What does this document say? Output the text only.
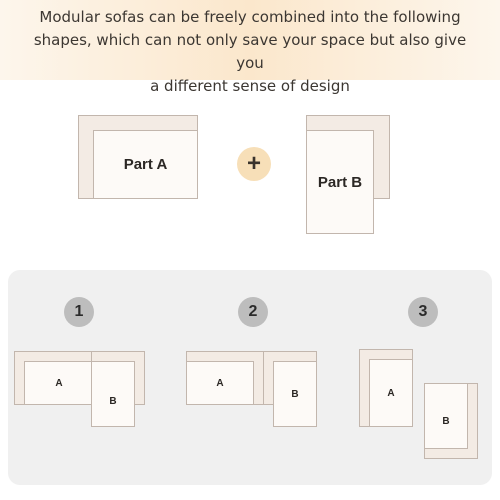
Modular sofas can be freely combined into the following
shapes, which can not only save your space but also give you
a different sense of design
Part A	+
Part B
1	2	3
A
B
A
B	A
B
